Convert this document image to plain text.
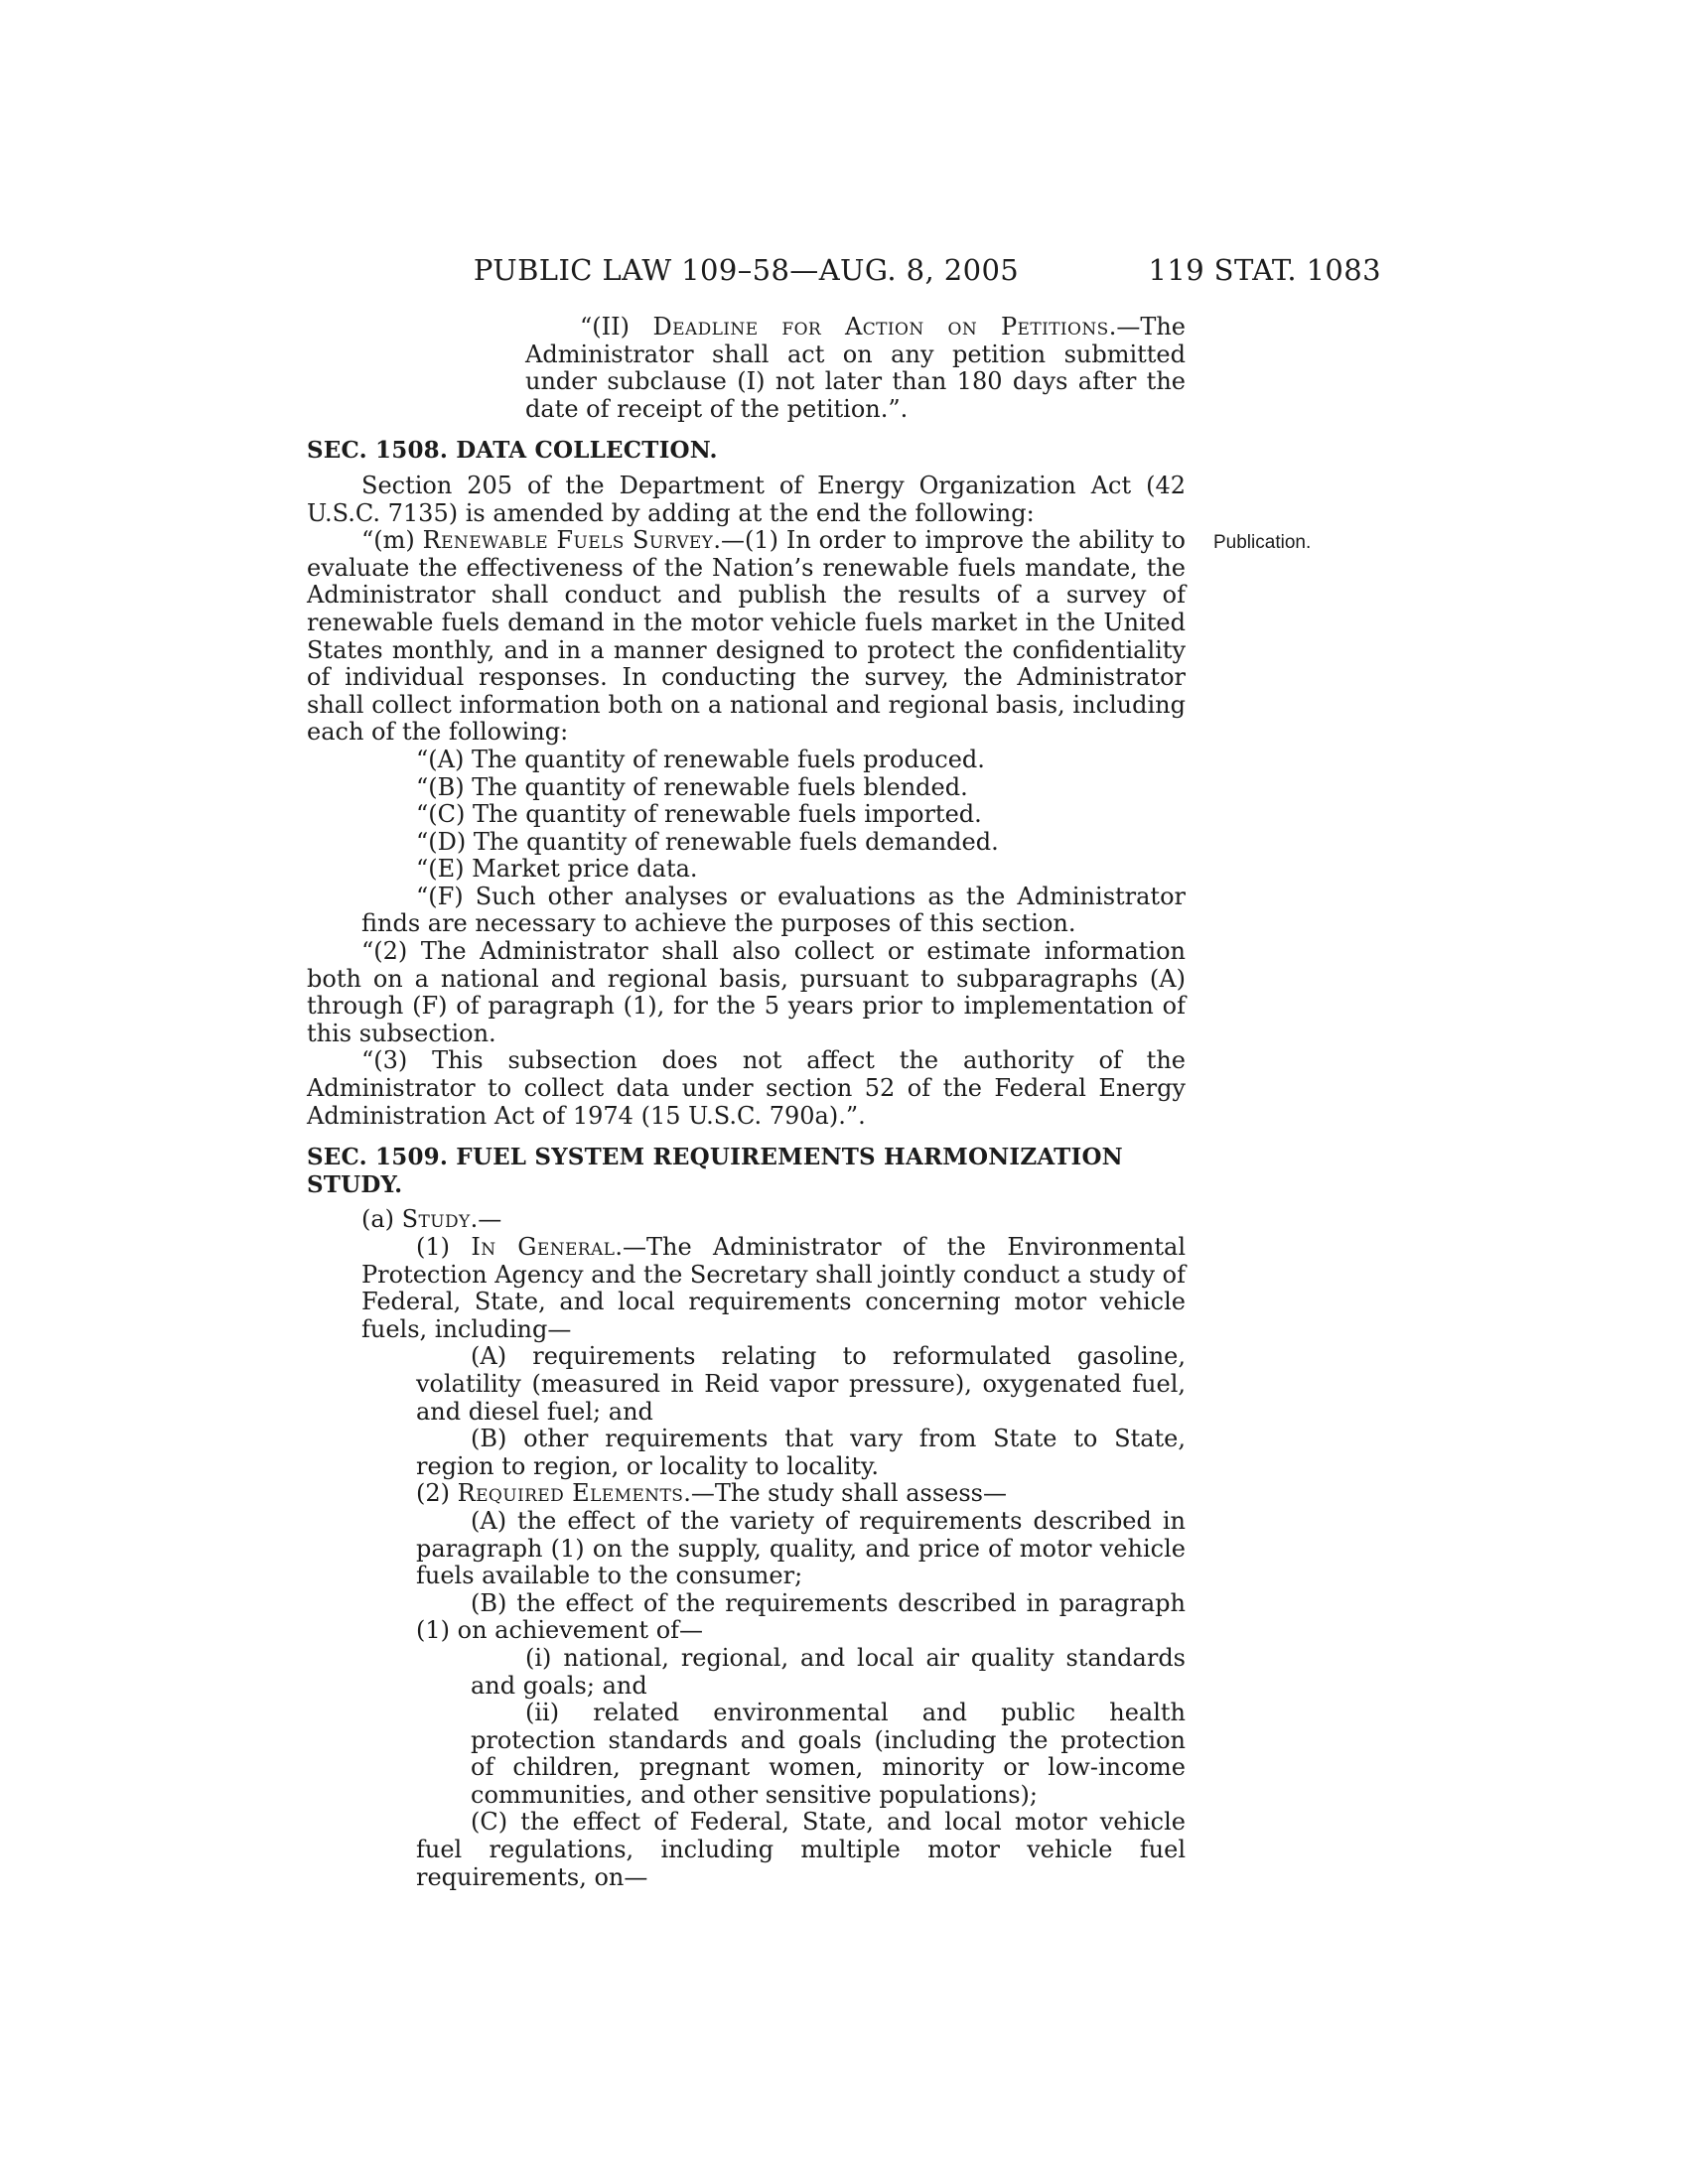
PUBLIC LAW 109–58—AUG. 8, 2005	119 STAT. 1083
Publication.

“(II) Deadline for Action on Petitions.—The Administrator shall act on any petition submitted under subclause (I) not later than 180 days after the date of receipt of the petition.”.

SEC. 1508. DATA COLLECTION.

Section 205 of the Department of Energy Organization Act (42 U.S.C. 7135) is amended by adding at the end the following:

“(m) Renewable Fuels Survey.—(1) In order to improve the ability to evaluate the effectiveness of the Nation’s renewable fuels mandate, the Administrator shall conduct and publish the results of a survey of renewable fuels demand in the motor vehicle fuels market in the United States monthly, and in a manner designed to protect the confidentiality of individual responses. In conducting the survey, the Administrator shall collect information both on a national and regional basis, including each of the following:

“(A) The quantity of renewable fuels produced.

“(B) The quantity of renewable fuels blended.

“(C) The quantity of renewable fuels imported.

“(D) The quantity of renewable fuels demanded.

“(E) Market price data.

“(F) Such other analyses or evaluations as the Administrator finds are necessary to achieve the purposes of this section.

“(2) The Administrator shall also collect or estimate information both on a national and regional basis, pursuant to subparagraphs (A) through (F) of paragraph (1), for the 5 years prior to implementation of this subsection.

“(3) This subsection does not affect the authority of the Administrator to collect data under section 52 of the Federal Energy Administration Act of 1974 (15 U.S.C. 790a).”.

SEC. 1509. FUEL SYSTEM REQUIREMENTS HARMONIZATION STUDY.

(a) Study.—

(1) In General.—The Administrator of the Environmental Protection Agency and the Secretary shall jointly conduct a study of Federal, State, and local requirements concerning motor vehicle fuels, including—

(A) requirements relating to reformulated gasoline, volatility (measured in Reid vapor pressure), oxygenated fuel, and diesel fuel; and

(B) other requirements that vary from State to State, region to region, or locality to locality.

(2) Required Elements.—The study shall assess—

(A) the effect of the variety of requirements described in paragraph (1) on the supply, quality, and price of motor vehicle fuels available to the consumer;

(B) the effect of the requirements described in paragraph (1) on achievement of—

(i) national, regional, and local air quality standards and goals; and

(ii) related environmental and public health protection standards and goals (including the protection of children, pregnant women, minority or low-income communities, and other sensitive populations);

(C) the effect of Federal, State, and local motor vehicle fuel regulations, including multiple motor vehicle fuel requirements, on—
